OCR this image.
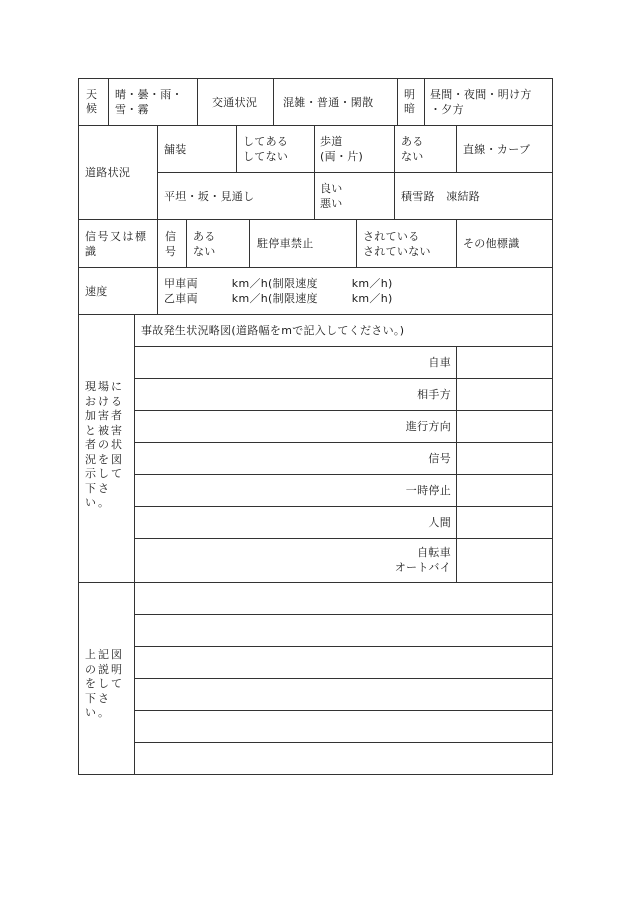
天候
晴・曇・雨・
雪・霧
交通状況 混雑・普通・閑散
明暗
昼間・夜間・明け方
・夕方
道路状況
舗装
してある
してない
歩道
(両・片)
ある
ない
直線・カーブ
平坦・坂・見通し
良い
悪い
積雪路　凍結路
信号又は標識
信号
ある
ない
駐停車禁止
されている
されていない
その他標識
速度
甲車両　　　km／h(制限速度　　　km／h)
乙車両　　　km／h(制限速度　　　km／h)
現場における加害者と被害者の状況を図示して下さい。
事故発生状況略図(道路幅をmで記入してください。)
自車
相手方
進行方向
信号
一時停止
人間
自転車
オートバイ
上記図の説明をして下さい。
